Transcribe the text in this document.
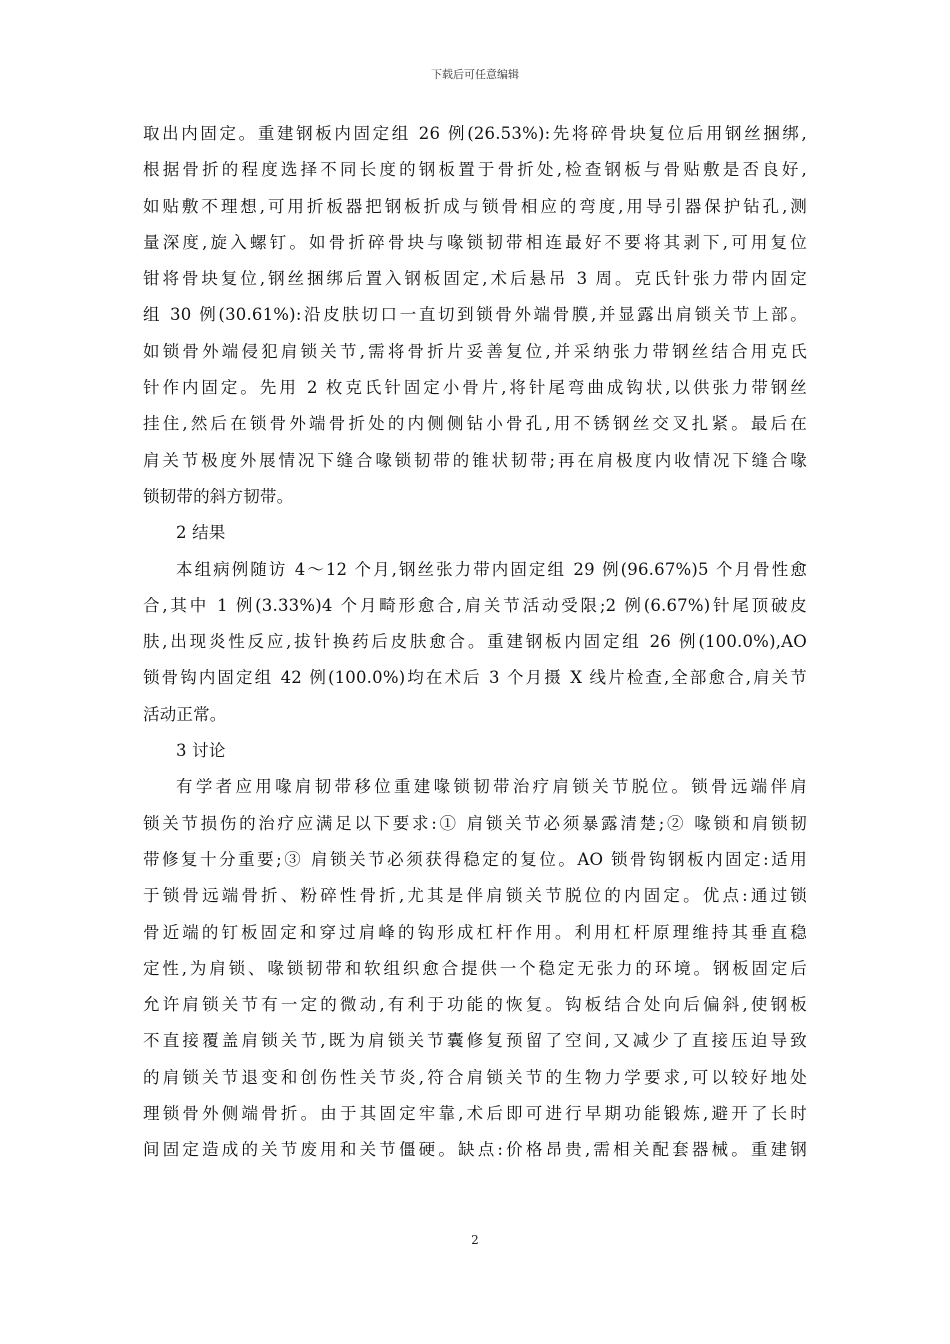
下载后可任意编辑
取出内固定。重建钢板内固定组 26 例(26.53%):先将碎骨块复位后用钢丝捆绑,
根据骨折的程度选择不同长度的钢板置于骨折处,检查钢板与骨贴敷是否良好,
如贴敷不理想,可用折板器把钢板折成与锁骨相应的弯度,用导引器保护钻孔,测
量深度,旋入螺钉。如骨折碎骨块与喙锁韧带相连最好不要将其剥下,可用复位
钳将骨块复位,钢丝捆绑后置入钢板固定,术后悬吊 3 周。克氏针张力带内固定
组 30 例(30.61%):沿皮肤切口一直切到锁骨外端骨膜,并显露出肩锁关节上部。
如锁骨外端侵犯肩锁关节,需将骨折片妥善复位,并采纳张力带钢丝结合用克氏
针作内固定。先用 2 枚克氏针固定小骨片,将针尾弯曲成钩状,以供张力带钢丝
挂住,然后在锁骨外端骨折处的内侧侧钻小骨孔,用不锈钢丝交叉扎紧。最后在
肩关节极度外展情况下缝合喙锁韧带的锥状韧带;再在肩极度内收情况下缝合喙
锁韧带的斜方韧带。
2 结果
本组病例随访 4～12 个月,钢丝张力带内固定组 29 例(96.67%)5 个月骨性愈
合,其中 1 例(3.33%)4 个月畸形愈合,肩关节活动受限;2 例(6.67%)针尾顶破皮
肤,出现炎性反应,拔针换药后皮肤愈合。重建钢板内固定组 26 例(100.0%),AO
锁骨钩内固定组 42 例(100.0%)均在术后 3 个月摄 X 线片检查,全部愈合,肩关节
活动正常。
3 讨论
有学者应用喙肩韧带移位重建喙锁韧带治疗肩锁关节脱位。锁骨远端伴肩
锁关节损伤的治疗应满足以下要求:① 肩锁关节必须暴露清楚;② 喙锁和肩锁韧
带修复十分重要;③ 肩锁关节必须获得稳定的复位。AO 锁骨钩钢板内固定:适用
于锁骨远端骨折、粉碎性骨折,尤其是伴肩锁关节脱位的内固定。优点:通过锁
骨近端的钉板固定和穿过肩峰的钩形成杠杆作用。利用杠杆原理维持其垂直稳
定性,为肩锁、喙锁韧带和软组织愈合提供一个稳定无张力的环境。钢板固定后
允许肩锁关节有一定的微动,有利于功能的恢复。钩板结合处向后偏斜,使钢板
不直接覆盖肩锁关节,既为肩锁关节囊修复预留了空间,又减少了直接压迫导致
的肩锁关节退变和创伤性关节炎,符合肩锁关节的生物力学要求,可以较好地处
理锁骨外侧端骨折。由于其固定牢靠,术后即可进行早期功能锻炼,避开了长时
间固定造成的关节废用和关节僵硬。缺点:价格昂贵,需相关配套器械。重建钢
2
